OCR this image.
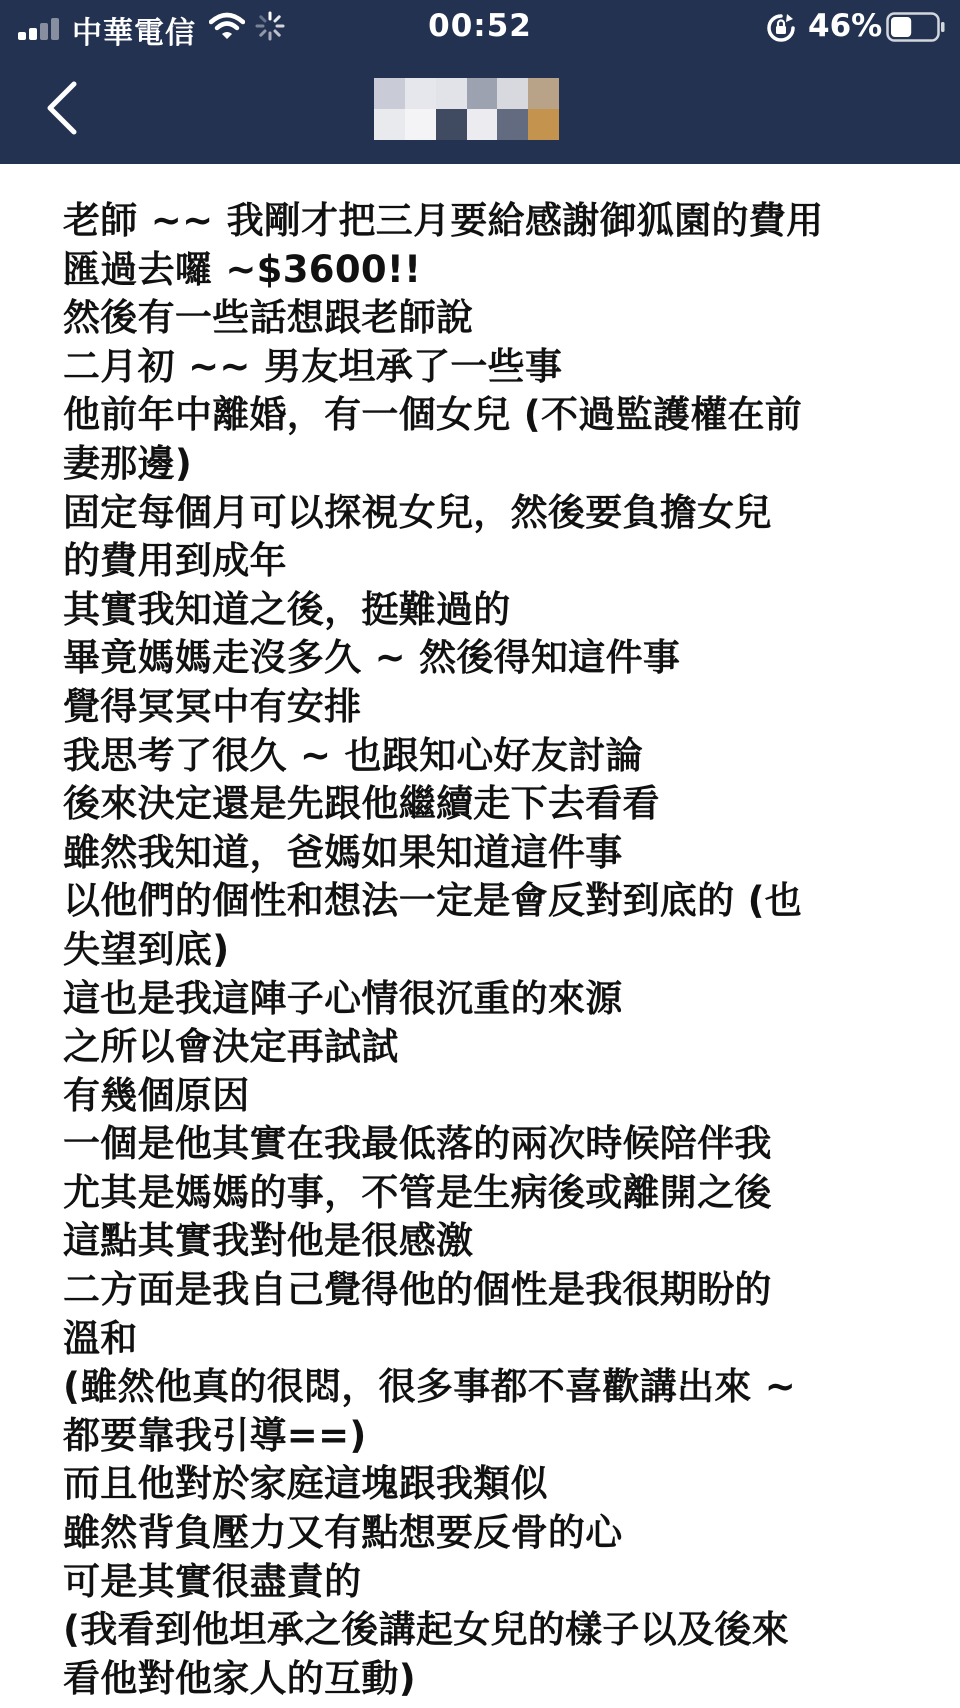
中華電信	00:52	46%
老師 ~~ 我剛才把三月要給感謝御狐園的費用
匯過去囉 ~$3600!!
然後有一些話想跟老師說
二月初 ~~ 男友坦承了一些事
他前年中離婚，有一個女兒 (不過監護權在前
妻那邊)
固定每個月可以探視女兒，然後要負擔女兒
的費用到成年
其實我知道之後，挺難過的
畢竟媽媽走沒多久 ~ 然後得知這件事
覺得冥冥中有安排
我思考了很久 ~ 也跟知心好友討論
後來決定還是先跟他繼續走下去看看
雖然我知道，爸媽如果知道這件事
以他們的個性和想法一定是會反對到底的 (也
失望到底)
這也是我這陣子心情很沉重的來源
之所以會決定再試試
有幾個原因
一個是他其實在我最低落的兩次時候陪伴我
尤其是媽媽的事，不管是生病後或離開之後
這點其實我對他是很感激
二方面是我自己覺得他的個性是我很期盼的
溫和
(雖然他真的很悶，很多事都不喜歡講出來 ~
都要靠我引導==)
而且他對於家庭這塊跟我類似
雖然背負壓力又有點想要反骨的心
可是其實很盡責的
(我看到他坦承之後講起女兒的樣子以及後來
看他對他家人的互動)
